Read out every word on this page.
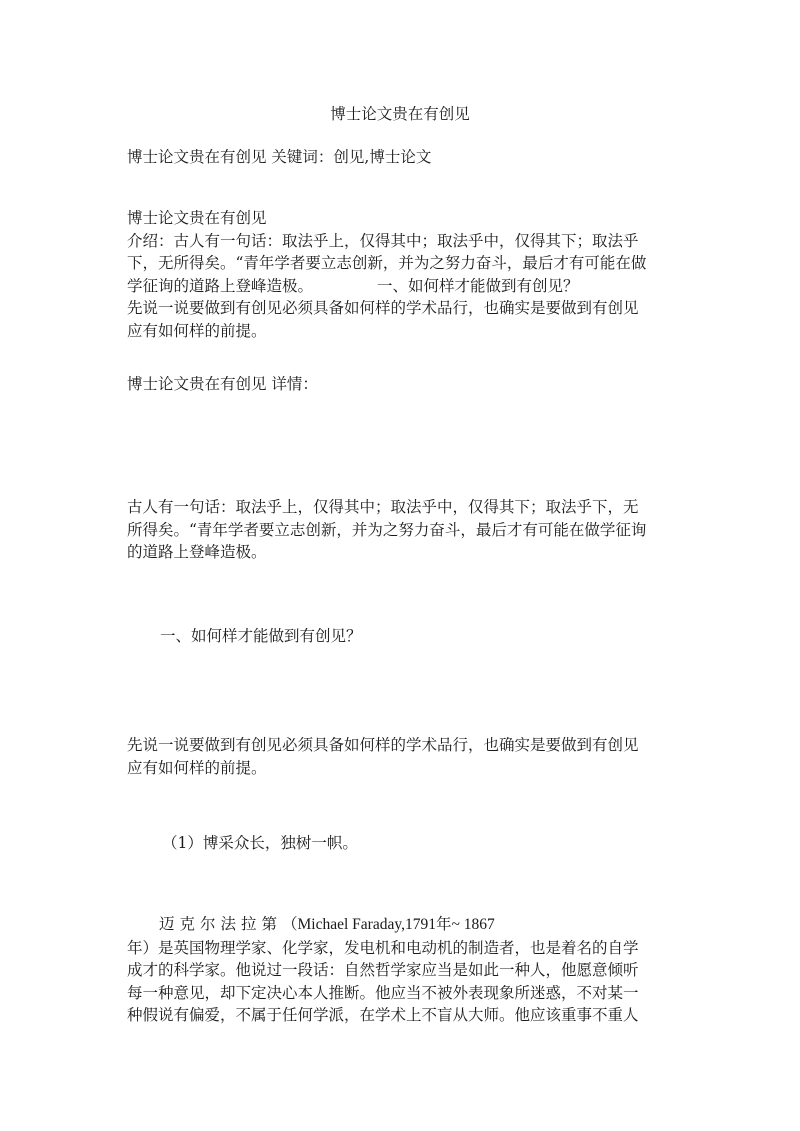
博士论文贵在有创见
博士论文贵在有创见 关键词：创见,博士论文
博士论文贵在有创见
介绍：古人有一句话：取法乎上，仅得其中；取法乎中，仅得其下；取法乎
下，无所得矣。“青年学者要立志创新，并为之努力奋斗，最后才有可能在做
学征询的道路上登峰造极。	一、如何样才能做到有创见？
先说一说要做到有创见必须具备如何样的学术品行，也确实是要做到有创见
应有如何样的前提。
博士论文贵在有创见 详情：
古人有一句话：取法乎上，仅得其中；取法乎中，仅得其下；取法乎下，无
所得矣。“青年学者要立志创新，并为之努力奋斗，最后才有可能在做学征询
的道路上登峰造极。
一、如何样才能做到有创见？
先说一说要做到有创见必须具备如何样的学术品行，也确实是要做到有创见
应有如何样的前提。
（1）博采众长，独树一帜。
迈克尔法拉第（Michael Faraday,1791年~ 1867
年）是英国物理学家、化学家，发电机和电动机的制造者，也是着名的自学
成才的科学家。他说过一段话：自然哲学家应当是如此一种人，他愿意倾听
每一种意见，却下定决心本人推断。他应当不被外表现象所迷惑，不对某一
种假说有偏爱，不属于任何学派，在学术上不盲从大师。他应该重事不重人
